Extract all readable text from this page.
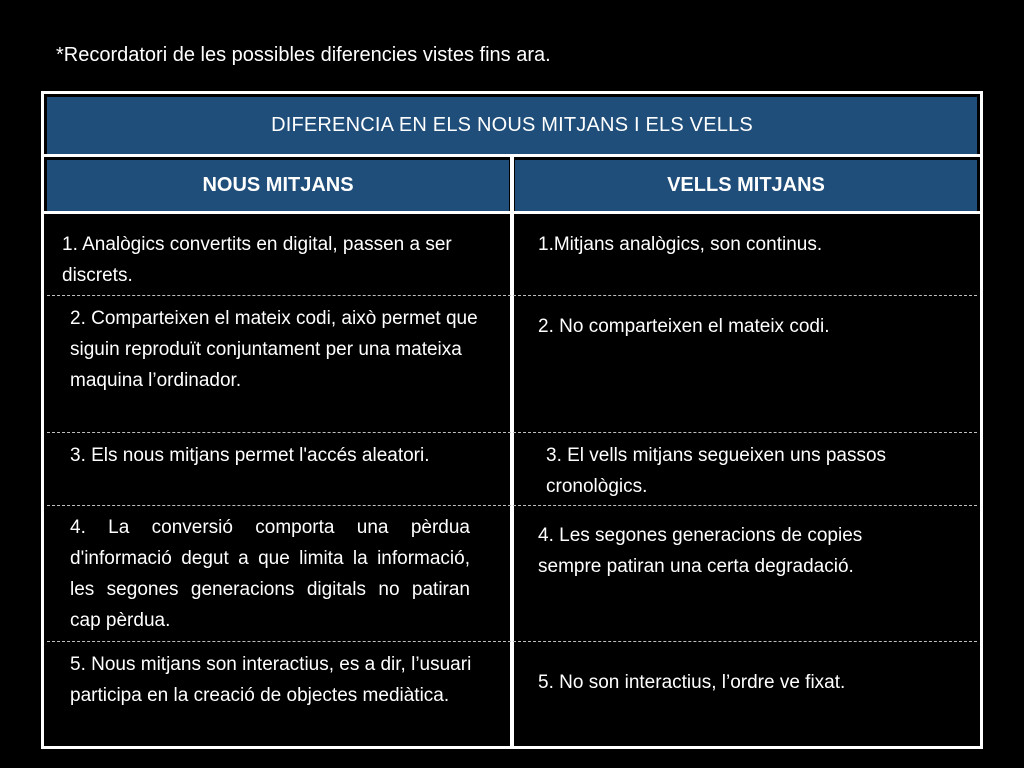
*Recordatori de les possibles diferencies vistes fins ara.
DIFERENCIA EN ELS NOUS MITJANS I ELS VELLS
NOUS MITJANS	VELLS MITJANS
1. Analògics convertits en digital, passen a ser discrets.
1.Mitjans analògics, son continus.
2. Comparteixen el mateix codi, això permet que siguin reproduït conjuntament per una mateixa maquina l’ordinador.
2. No comparteixen el mateix codi.
3. Els nous mitjans permet l'accés aleatori.	3. El vells mitjans segueixen uns passos cronològics.
4. La conversió comporta una pèrdua d'informació degut a que limita la informació, les segones generacions digitals no patiran cap pèrdua.
4. Les segones generacions de copies sempre patiran una certa degradació.
5. Nous mitjans son interactius, es a dir, l’usuari participa en la creació de objectes mediàtica.
5. No son interactius, l’ordre ve fixat.
